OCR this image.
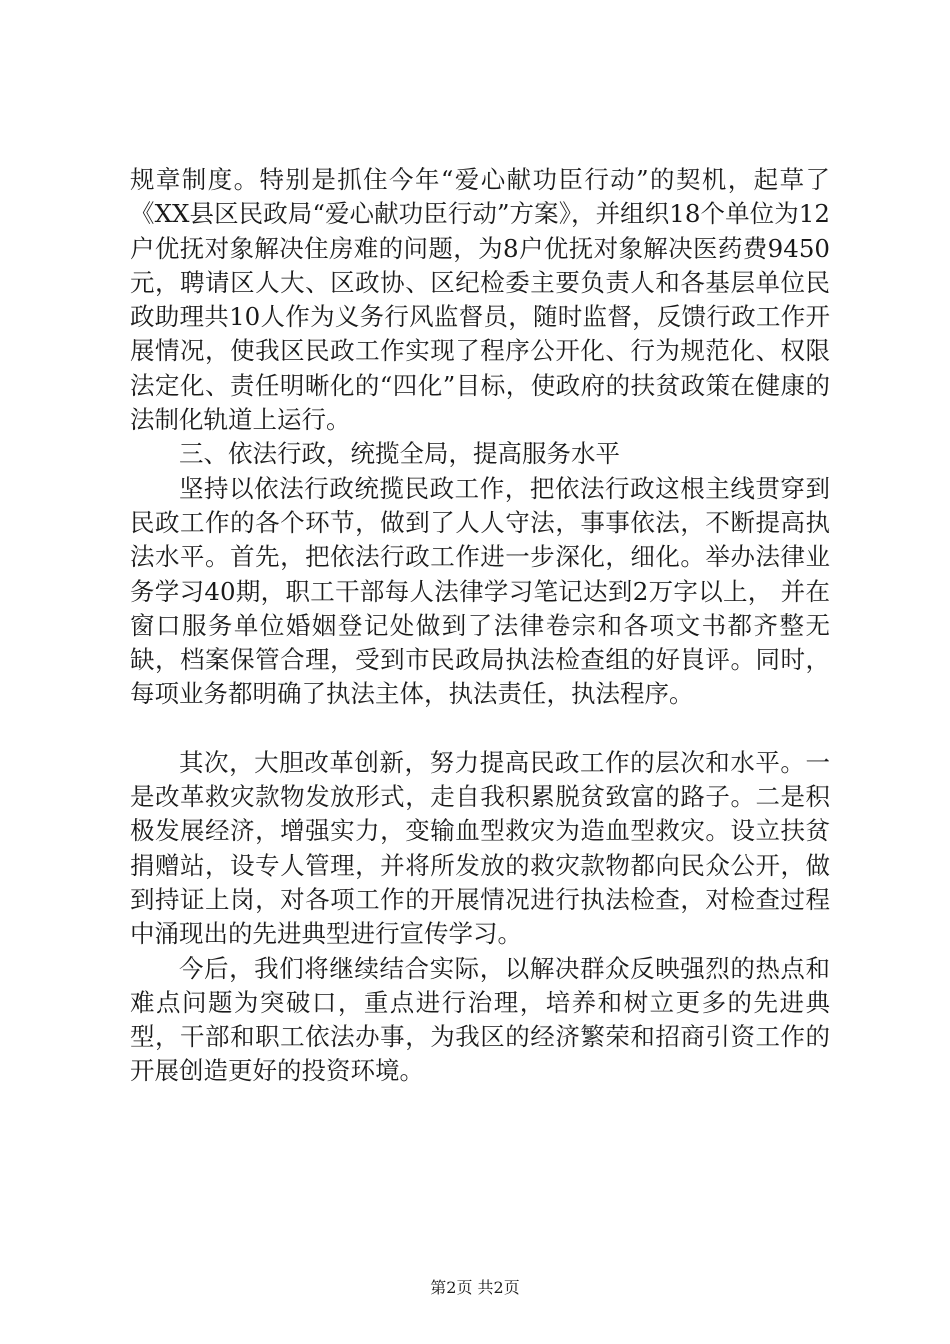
规章制度。特别是抓住今年“爱心献功臣行动”的契机，起草了《XX县区民政局“爱心献功臣行动”方案》，并组织18个单位为12户优抚对象解决住房难的问题，为8户优抚对象解决医药费9450元，聘请区人大、区政协、区纪检委主要负责人和各基层单位民政助理共10人作为义务行风监督员，随时监督，反馈行政工作开展情况，使我区民政工作实现了程序公开化、行为规范化、权限法定化、责任明晰化的“四化”目标，使政府的扶贫政策在健康的法制化轨道上运行。

三、依法行政，统揽全局，提高服务水平

坚持以依法行政统揽民政工作，把依法行政这根主线贯穿到民政工作的各个环节，做到了人人守法，事事依法，不断提高执法水平。首先，把依法行政工作进一步深化，细化。举办法律业务学习40期，职工干部每人法律学习笔记达到2万字以上， 并在窗口服务单位婚姻登记处做到了法律卷宗和各项文书都齐整无缺，档案保管合理，受到市民政局执法检查组的好峎评。同时，每项业务都明确了执法主体，执法责任，执法程序。

其次，大胆改革创新，努力提高民政工作的层次和水平。一是改革救灾款物发放形式，走自我积累脱贫致富的路子。二是积极发展经济，增强实力，变输血型救灾为造血型救灾。设立扶贫捐赠站，设专人管理，并将所发放的救灾款物都向民众公开，做到持证上岗，对各项工作的开展情况进行执法检查，对检查过程中涌现出的先进典型进行宣传学习。

今后，我们将继续结合实际，以解决群众反映强烈的热点和难点问题为突破口，重点进行治理，培养和树立更多的先进典型，干部和职工依法办事，为我区的经济繁荣和招商引资工作的开展创造更好的投资环境。

第2页 共2页
